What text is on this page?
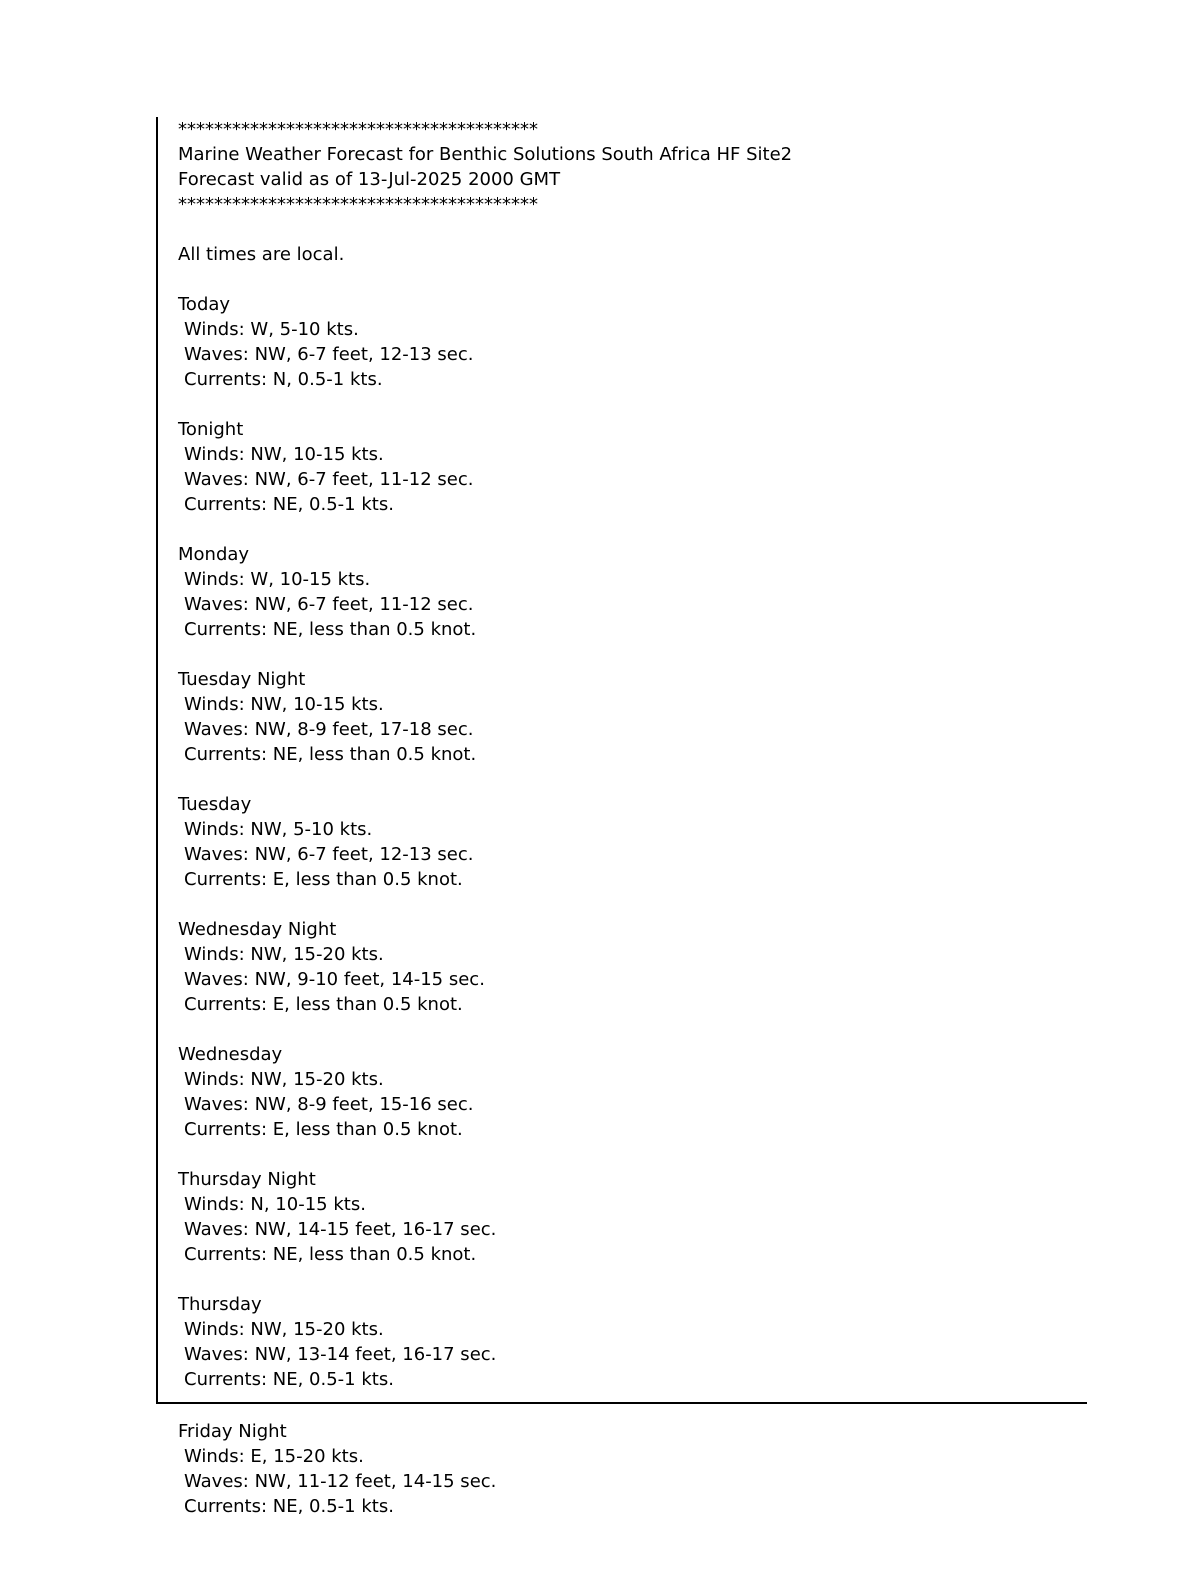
****************************************
Marine Weather Forecast for Benthic Solutions South Africa HF Site2
Forecast valid as of 13-Jul-2025 2000 GMT
****************************************
All times are local.
Today
Winds: W, 5-10 kts.
Waves: NW, 6-7 feet, 12-13 sec.
Currents: N, 0.5-1 kts.
Tonight
Winds: NW, 10-15 kts.
Waves: NW, 6-7 feet, 11-12 sec.
Currents: NE, 0.5-1 kts.
Monday
Winds: W, 10-15 kts.
Waves: NW, 6-7 feet, 11-12 sec.
Currents: NE, less than 0.5 knot.
Tuesday Night
Winds: NW, 10-15 kts.
Waves: NW, 8-9 feet, 17-18 sec.
Currents: NE, less than 0.5 knot.
Tuesday
Winds: NW, 5-10 kts.
Waves: NW, 6-7 feet, 12-13 sec.
Currents: E, less than 0.5 knot.
Wednesday Night
Winds: NW, 15-20 kts.
Waves: NW, 9-10 feet, 14-15 sec.
Currents: E, less than 0.5 knot.
Wednesday
Winds: NW, 15-20 kts.
Waves: NW, 8-9 feet, 15-16 sec.
Currents: E, less than 0.5 knot.
Thursday Night
Winds: N, 10-15 kts.
Waves: NW, 14-15 feet, 16-17 sec.
Currents: NE, less than 0.5 knot.
Thursday
Winds: NW, 15-20 kts.
Waves: NW, 13-14 feet, 16-17 sec.
Currents: NE, 0.5-1 kts.
Friday Night
Winds: E, 15-20 kts.
Waves: NW, 11-12 feet, 14-15 sec.
Currents: NE, 0.5-1 kts.
